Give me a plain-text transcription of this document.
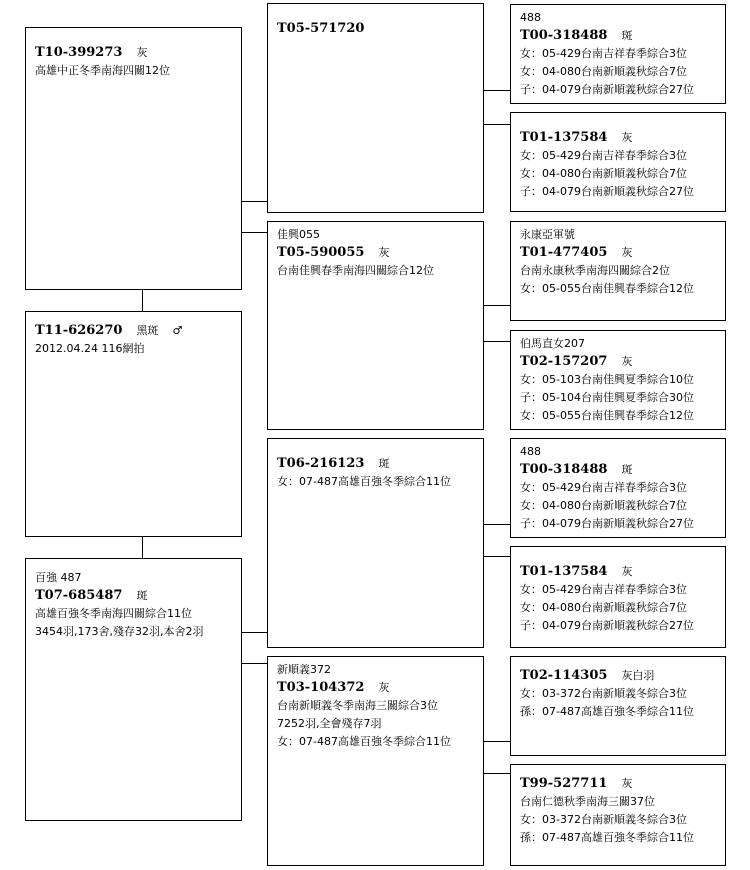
T10-399273 灰
高雄中正冬季南海四關12位
T11-626270 黑斑 ♂
2012.04.24 116網拍
百強 487
T07-685487 斑
高雄百強冬季南海四關綜合11位
3454羽,173舍,殘存32羽,本舍2羽
T05-571720
佳興055
T05-590055 灰
台南佳興春季南海四關綜合12位
T06-216123 斑
女：07-487高雄百強冬季綜合11位
新順義372
T03-104372 灰
台南新順義冬季南海三關綜合3位
7252羽,全會殘存7羽
女：07-487高雄百強冬季綜合11位
488
T00-318488 斑
女：05-429台南吉祥春季綜合3位
女：04-080台南新順義秋綜合7位
子：04-079台南新順義秋綜合27位
T01-137584 灰
女：05-429台南吉祥春季綜合3位
女：04-080台南新順義秋綜合7位
子：04-079台南新順義秋綜合27位
永康亞軍號
T01-477405 灰
台南永康秋季南海四關綜合2位
女：05-055台南佳興春季綜合12位
伯馬直女207
T02-157207 灰
女：05-103台南佳興夏季綜合10位
子：05-104台南佳興夏季綜合30位
女：05-055台南佳興春季綜合12位
488
T00-318488 斑
女：05-429台南吉祥春季綜合3位
女：04-080台南新順義秋綜合7位
子：04-079台南新順義秋綜合27位
T01-137584 灰
女：05-429台南吉祥春季綜合3位
女：04-080台南新順義秋綜合7位
子：04-079台南新順義秋綜合27位
T02-114305 灰白羽
女：03-372台南新順義冬綜合3位
孫：07-487高雄百強冬季綜合11位
T99-527711 灰
台南仁德秋季南海三關37位
女：03-372台南新順義冬綜合3位
孫：07-487高雄百強冬季綜合11位
